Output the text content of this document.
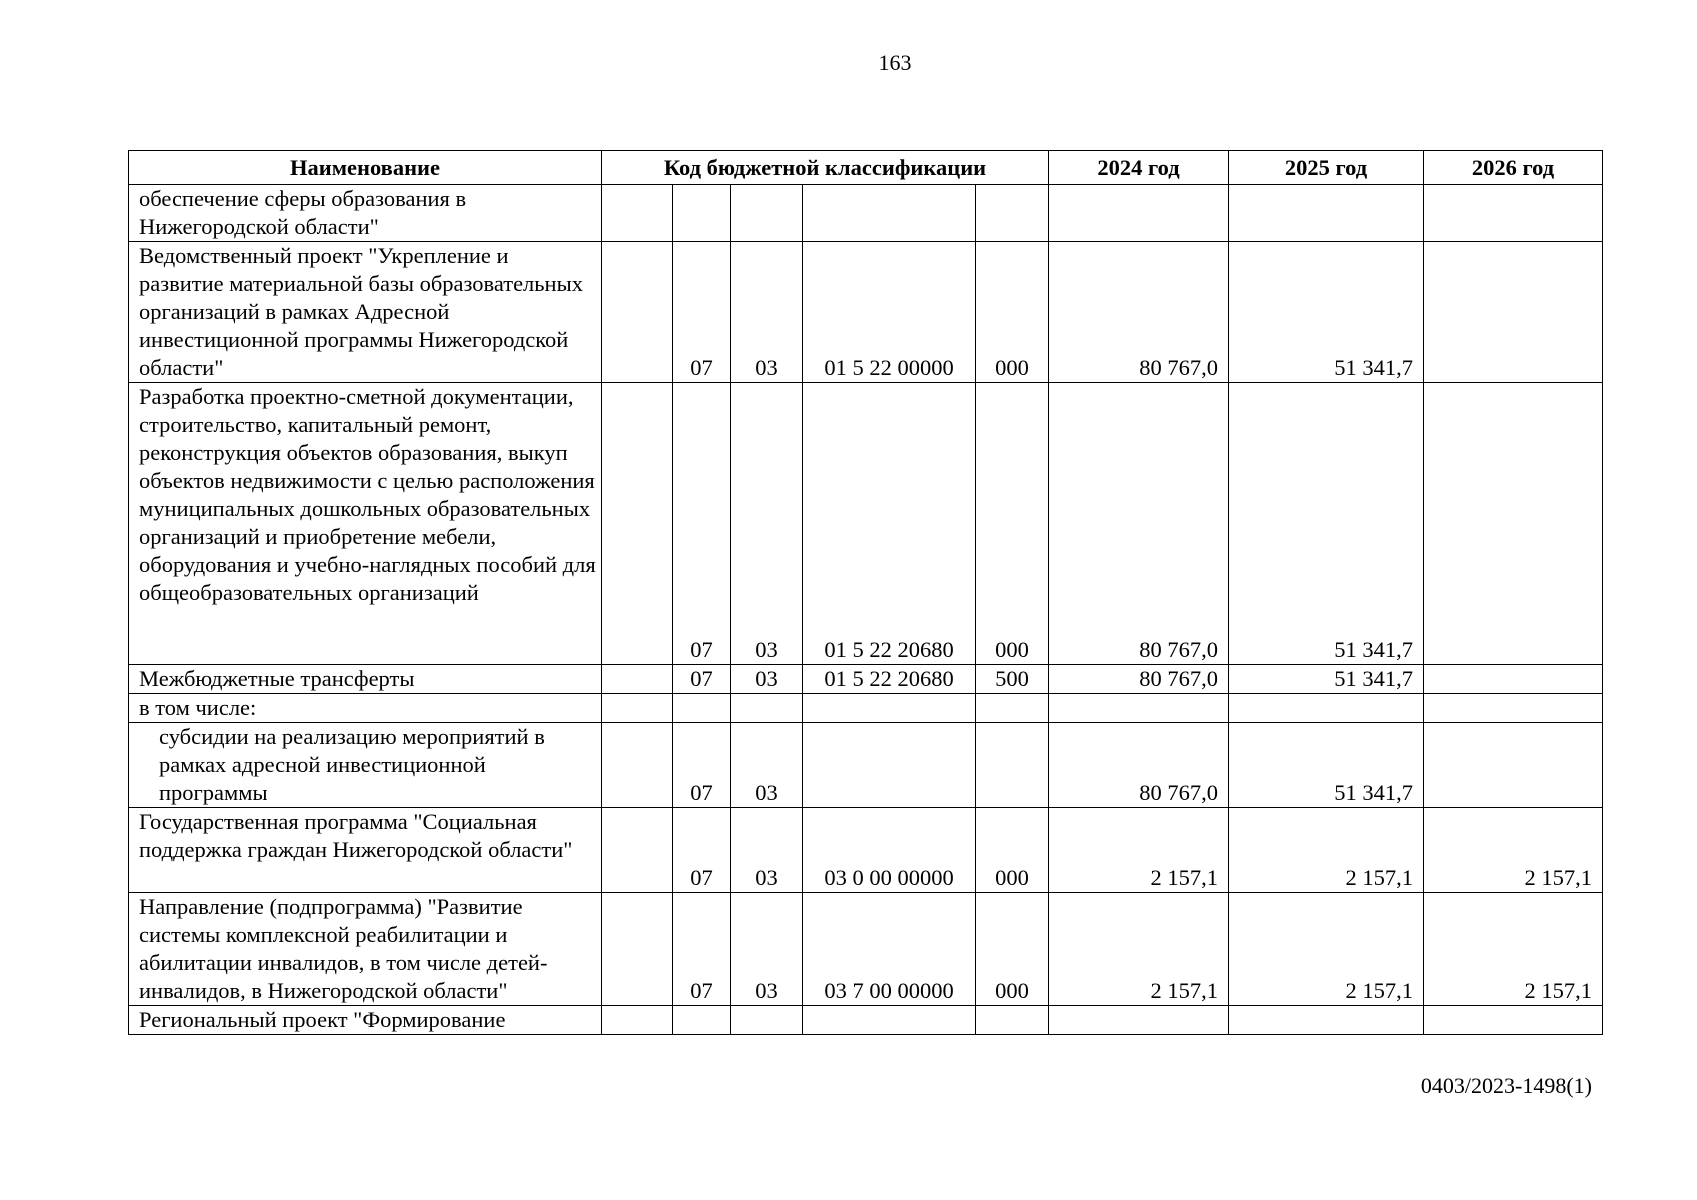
163
Наименование	Код бюджетной классификации					2024 год	2025 год	2026 год
обеспечение сферы образования в Нижегородской области"								
Ведомственный проект "Укрепление и развитие материальной базы образовательных организаций в рамках Адресной инвестиционной программы Нижегородской области"		07	03	01 5 22 00000	000	80 767,0	51 341,7	
Разработка проектно-сметной документации, строительство, капитальный ремонт, реконструкция объектов образования, выкуп объектов недвижимости с целью расположения муниципальных дошкольных образовательных организаций и приобретение мебели, оборудования и учебно-наглядных пособий для общеобразовательных организаций		07	03	01 5 22 20680	000	80 767,0	51 341,7	
Межбюджетные трансферты		07	03	01 5 22 20680	500	80 767,0	51 341,7	
в том числе:								
субсидии на реализацию мероприятий в рамках адресной инвестиционной программы		07	03			80 767,0	51 341,7	
Государственная программа "Социальная поддержка граждан Нижегородской области"		07	03	03 0 00 00000	000	2 157,1	2 157,1	2 157,1
Направление (подпрограмма) "Развитие системы комплексной реабилитации и абилитации инвалидов, в том числе детей-инвалидов, в Нижегородской области"		07	03	03 7 00 00000	000	2 157,1	2 157,1	2 157,1
Региональный проект "Формирование								
0403/2023-1498(1)
